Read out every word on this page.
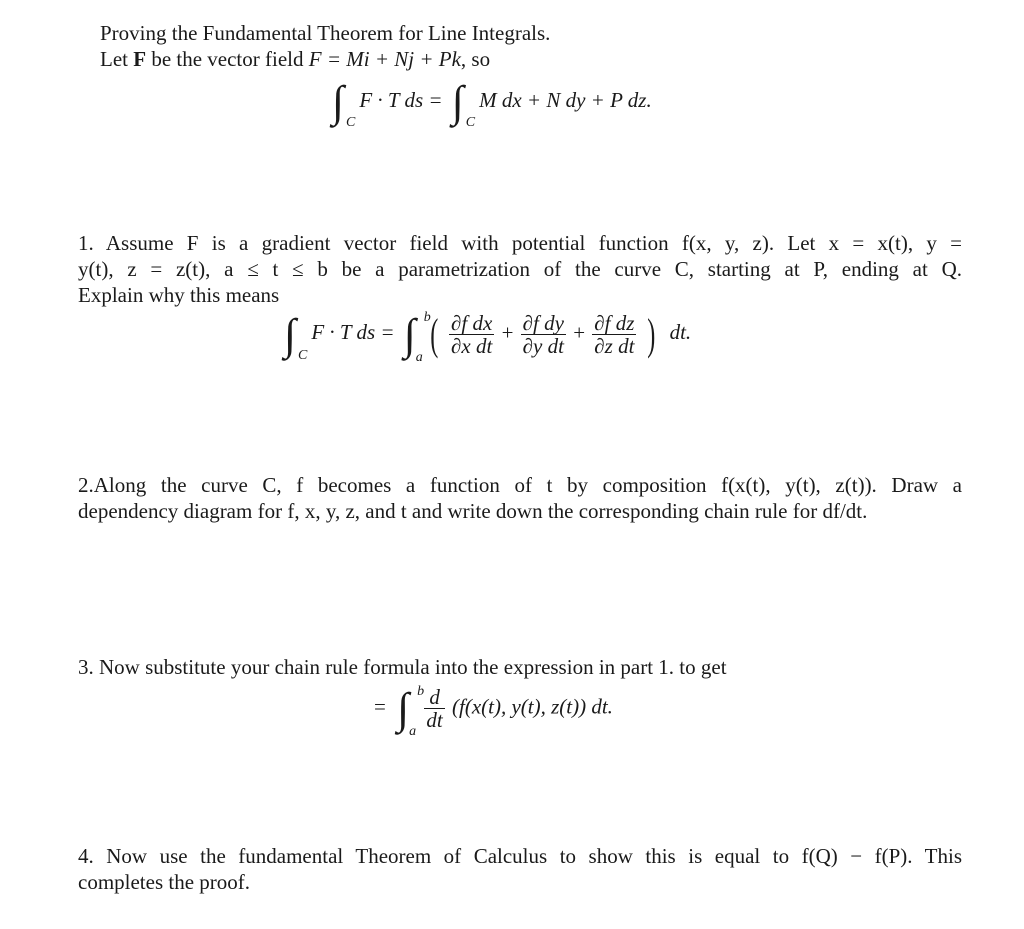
Proving the Fundamental Theorem for Line Integrals.
Let F be the vector field F = Mi + Nj + Pk, so
∫ C
F · T ds = ∫ C
M dx + N dy + P dz.
1. Assume F is a gradient vector field with potential function f(x, y, z). Let x = x(t), y =
y(t), z = z(t), a ≤ t ≤ b be a parametrization of the curve C, starting at P, ending at Q.
Explain why this means
∫ C
F · T ds = ∫ b
a ( $\frac{\text{∂f dx}}{\text{∂x dt}} + \frac{\text{∂f dy}}{\text{∂y dt}} + \frac{\text{∂f dz}}{\text{∂z dt}}$ ) dt.
2.Along the curve C, f becomes a function of t by composition f(x(t), y(t), z(t)). Draw a
dependency diagram for f, x, y, z, and t and write down the corresponding chain rule for df/dt.
3. Now substitute your chain rule formula into the expression in part 1. to get
= ∫ b
a
$\frac{d}{dt} (f(x(t)$, y(t), z(t)) dt.
4. Now use the fundamental Theorem of Calculus to show this is equal to f(Q) − f(P). This
completes the proof.
